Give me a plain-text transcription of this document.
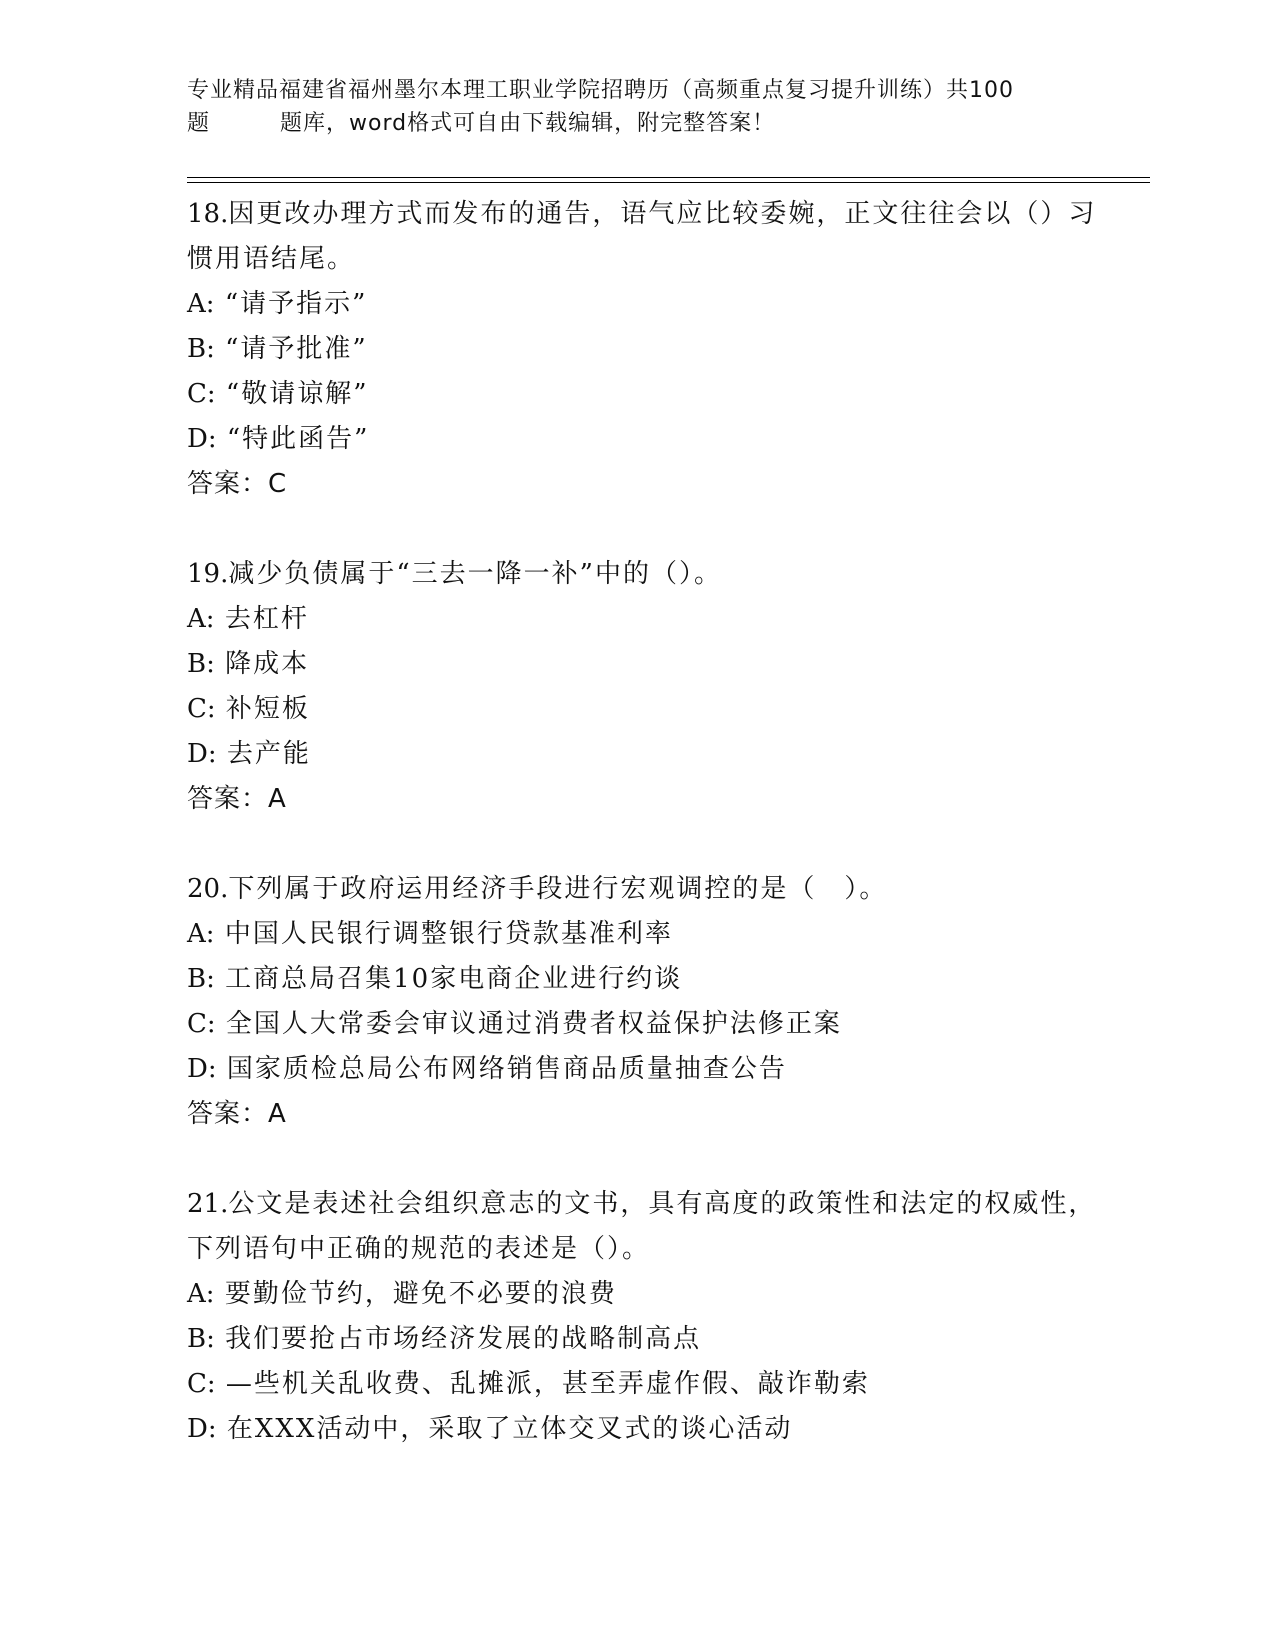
专业精品福建省福州墨尔本理工职业学院招聘历（高频重点复习提升训练）共100
题	题库，word格式可自由下载编辑，附完整答案！
18.因更改办理方式而发布的通告，语气应比较委婉，正文往往会以（）习惯用语结尾。
A: “请予指示”
B: “请予批准”
C: “敬请谅解”
D: “特此函告”
答案：C
19.减少负债属于“三去一降一补”中的（）。
A: 去杠杆
B: 降成本
C: 补短板
D: 去产能
答案：A
20.下列属于政府运用经济手段进行宏观调控的是（　）。
A: 中国人民银行调整银行贷款基准利率
B: 工商总局召集10家电商企业进行约谈
C: 全国人大常委会审议通过消费者权益保护法修正案
D: 国家质检总局公布网络销售商品质量抽查公告
答案：A
21.公文是表述社会组织意志的文书，具有高度的政策性和法定的权威性，下列语句中正确的规范的表述是（）。
A: 要勤俭节约，避免不必要的浪费
B: 我们要抢占市场经济发展的战略制高点
C: —些机关乱收费、乱摊派，甚至弄虚作假、敲诈勒索
D: 在XXX活动中，采取了立体交叉式的谈心活动
